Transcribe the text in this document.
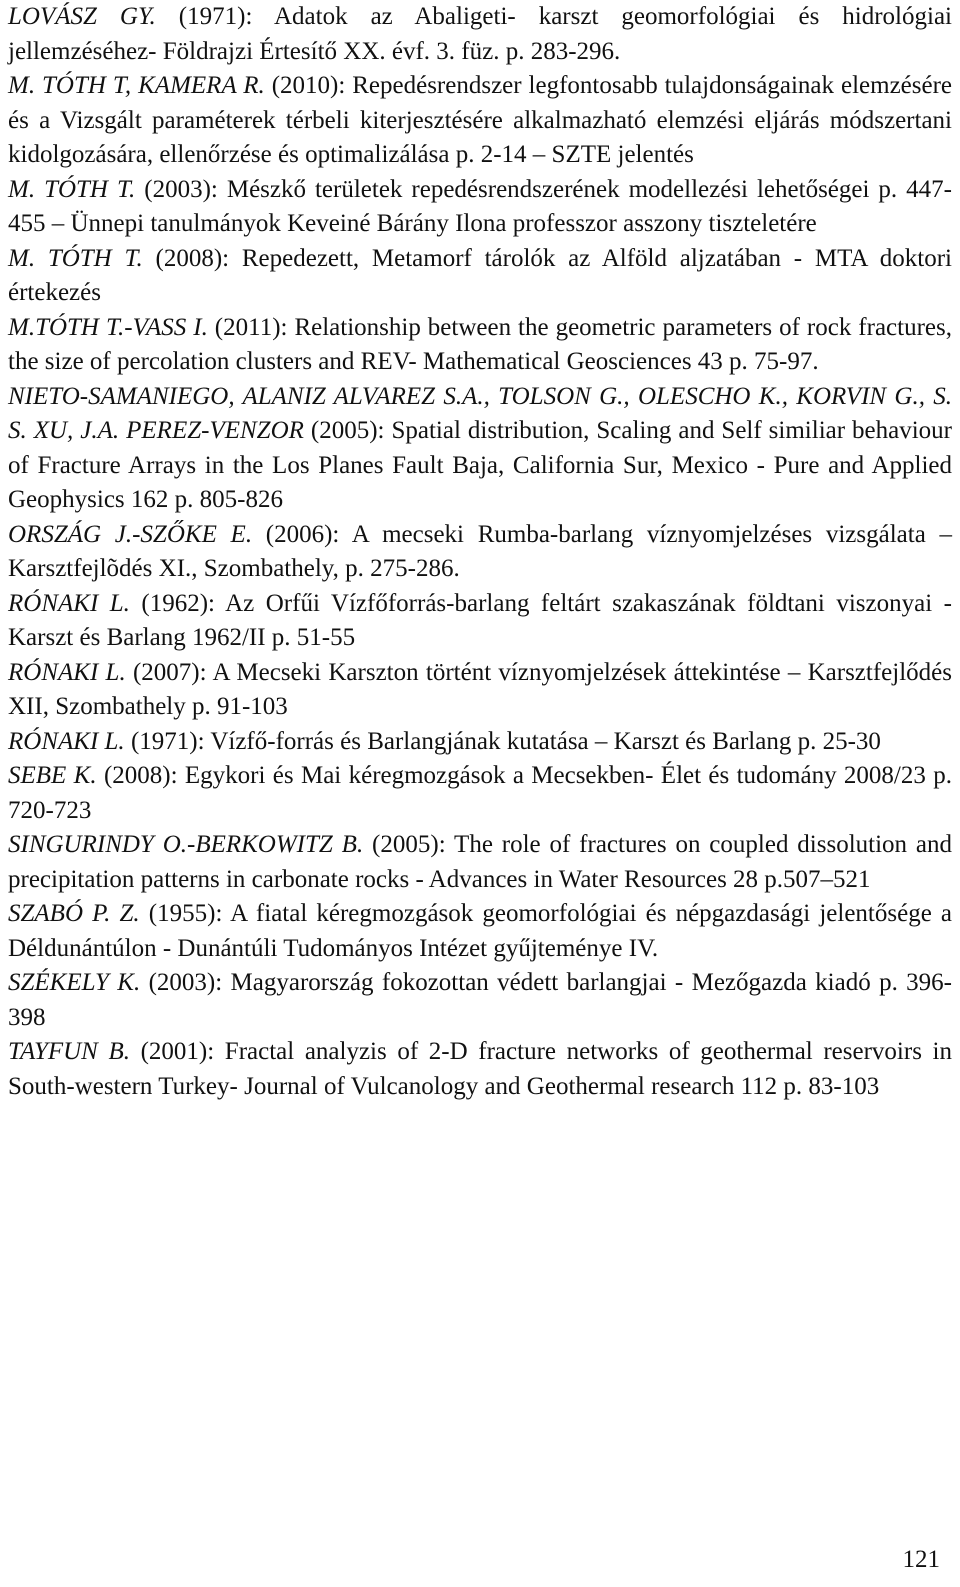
LOVÁSZ GY. (1971): Adatok az Abaligeti- karszt geomorfológiai és hidrológiai jellemzéséhez- Földrajzi Értesítő XX. évf. 3. füz. p. 283-296.
M. TÓTH T, KAMERA R. (2010): Repedésrendszer legfontosabb tulajdonságainak elemzésére és a Vizsgált paraméterek térbeli kiterjesztésére alkalmazható elemzési eljárás módszertani kidolgozására, ellenőrzése és optimalizálása p. 2-14 – SZTE jelentés
M. TÓTH T. (2003): Mészkő területek repedésrendszerének modellezési lehetőségei p. 447-455 – Ünnepi tanulmányok Keveiné Bárány Ilona professzor asszony tiszteletére
M. TÓTH T. (2008): Repedezett, Metamorf tárolók az Alföld aljzatában - MTA doktori értekezés
M.TÓTH T.-VASS I. (2011): Relationship between the geometric parameters of rock fractures, the size of percolation clusters and REV- Mathematical Geosciences 43 p. 75-97.
NIETO-SAMANIEGO, ALANIZ ALVAREZ S.A., TOLSON G., OLESCHO K., KORVIN G., S. S. XU, J.A. PEREZ-VENZOR (2005): Spatial distribution, Scaling and Self similiar behaviour of Fracture Arrays in the Los Planes Fault Baja, California Sur, Mexico - Pure and Applied Geophysics 162 p. 805-826
ORSZÁG J.-SZŐKE E. (2006): A mecseki Rumba-barlang víznyomjelzéses vizsgálata – Karsztfejlõdés XI., Szombathely, p. 275-286.
RÓNAKI L. (1962): Az Orfűi Vízfőforrás-barlang feltárt szakaszának földtani viszonyai - Karszt és Barlang 1962/II p. 51-55
RÓNAKI L. (2007): A Mecseki Karszton történt víznyomjelzések áttekintése – Karsztfejlődés XII, Szombathely p. 91-103
RÓNAKI L. (1971): Vízfő-forrás és Barlangjának kutatása – Karszt és Barlang p. 25-30
SEBE K. (2008): Egykori és Mai kéregmozgások a Mecsekben- Élet és tudomány 2008/23 p. 720-723
SINGURINDY O.-BERKOWITZ B. (2005): The role of fractures on coupled dissolution and precipitation patterns in carbonate rocks - Advances in Water Resources 28 p.507–521
SZABÓ P. Z. (1955): A fiatal kéregmozgások geomorfológiai és népgazdasági jelentősége a Déldunántúlon - Dunántúli Tudományos Intézet gyűjteménye IV.
SZÉKELY K. (2003): Magyarország fokozottan védett barlangjai - Mezőgazda kiadó p. 396-398
TAYFUN B. (2001): Fractal analyzis of 2-D fracture networks of geothermal reservoirs in South-western Turkey- Journal of Vulcanology and Geothermal research 112 p. 83-103
121
